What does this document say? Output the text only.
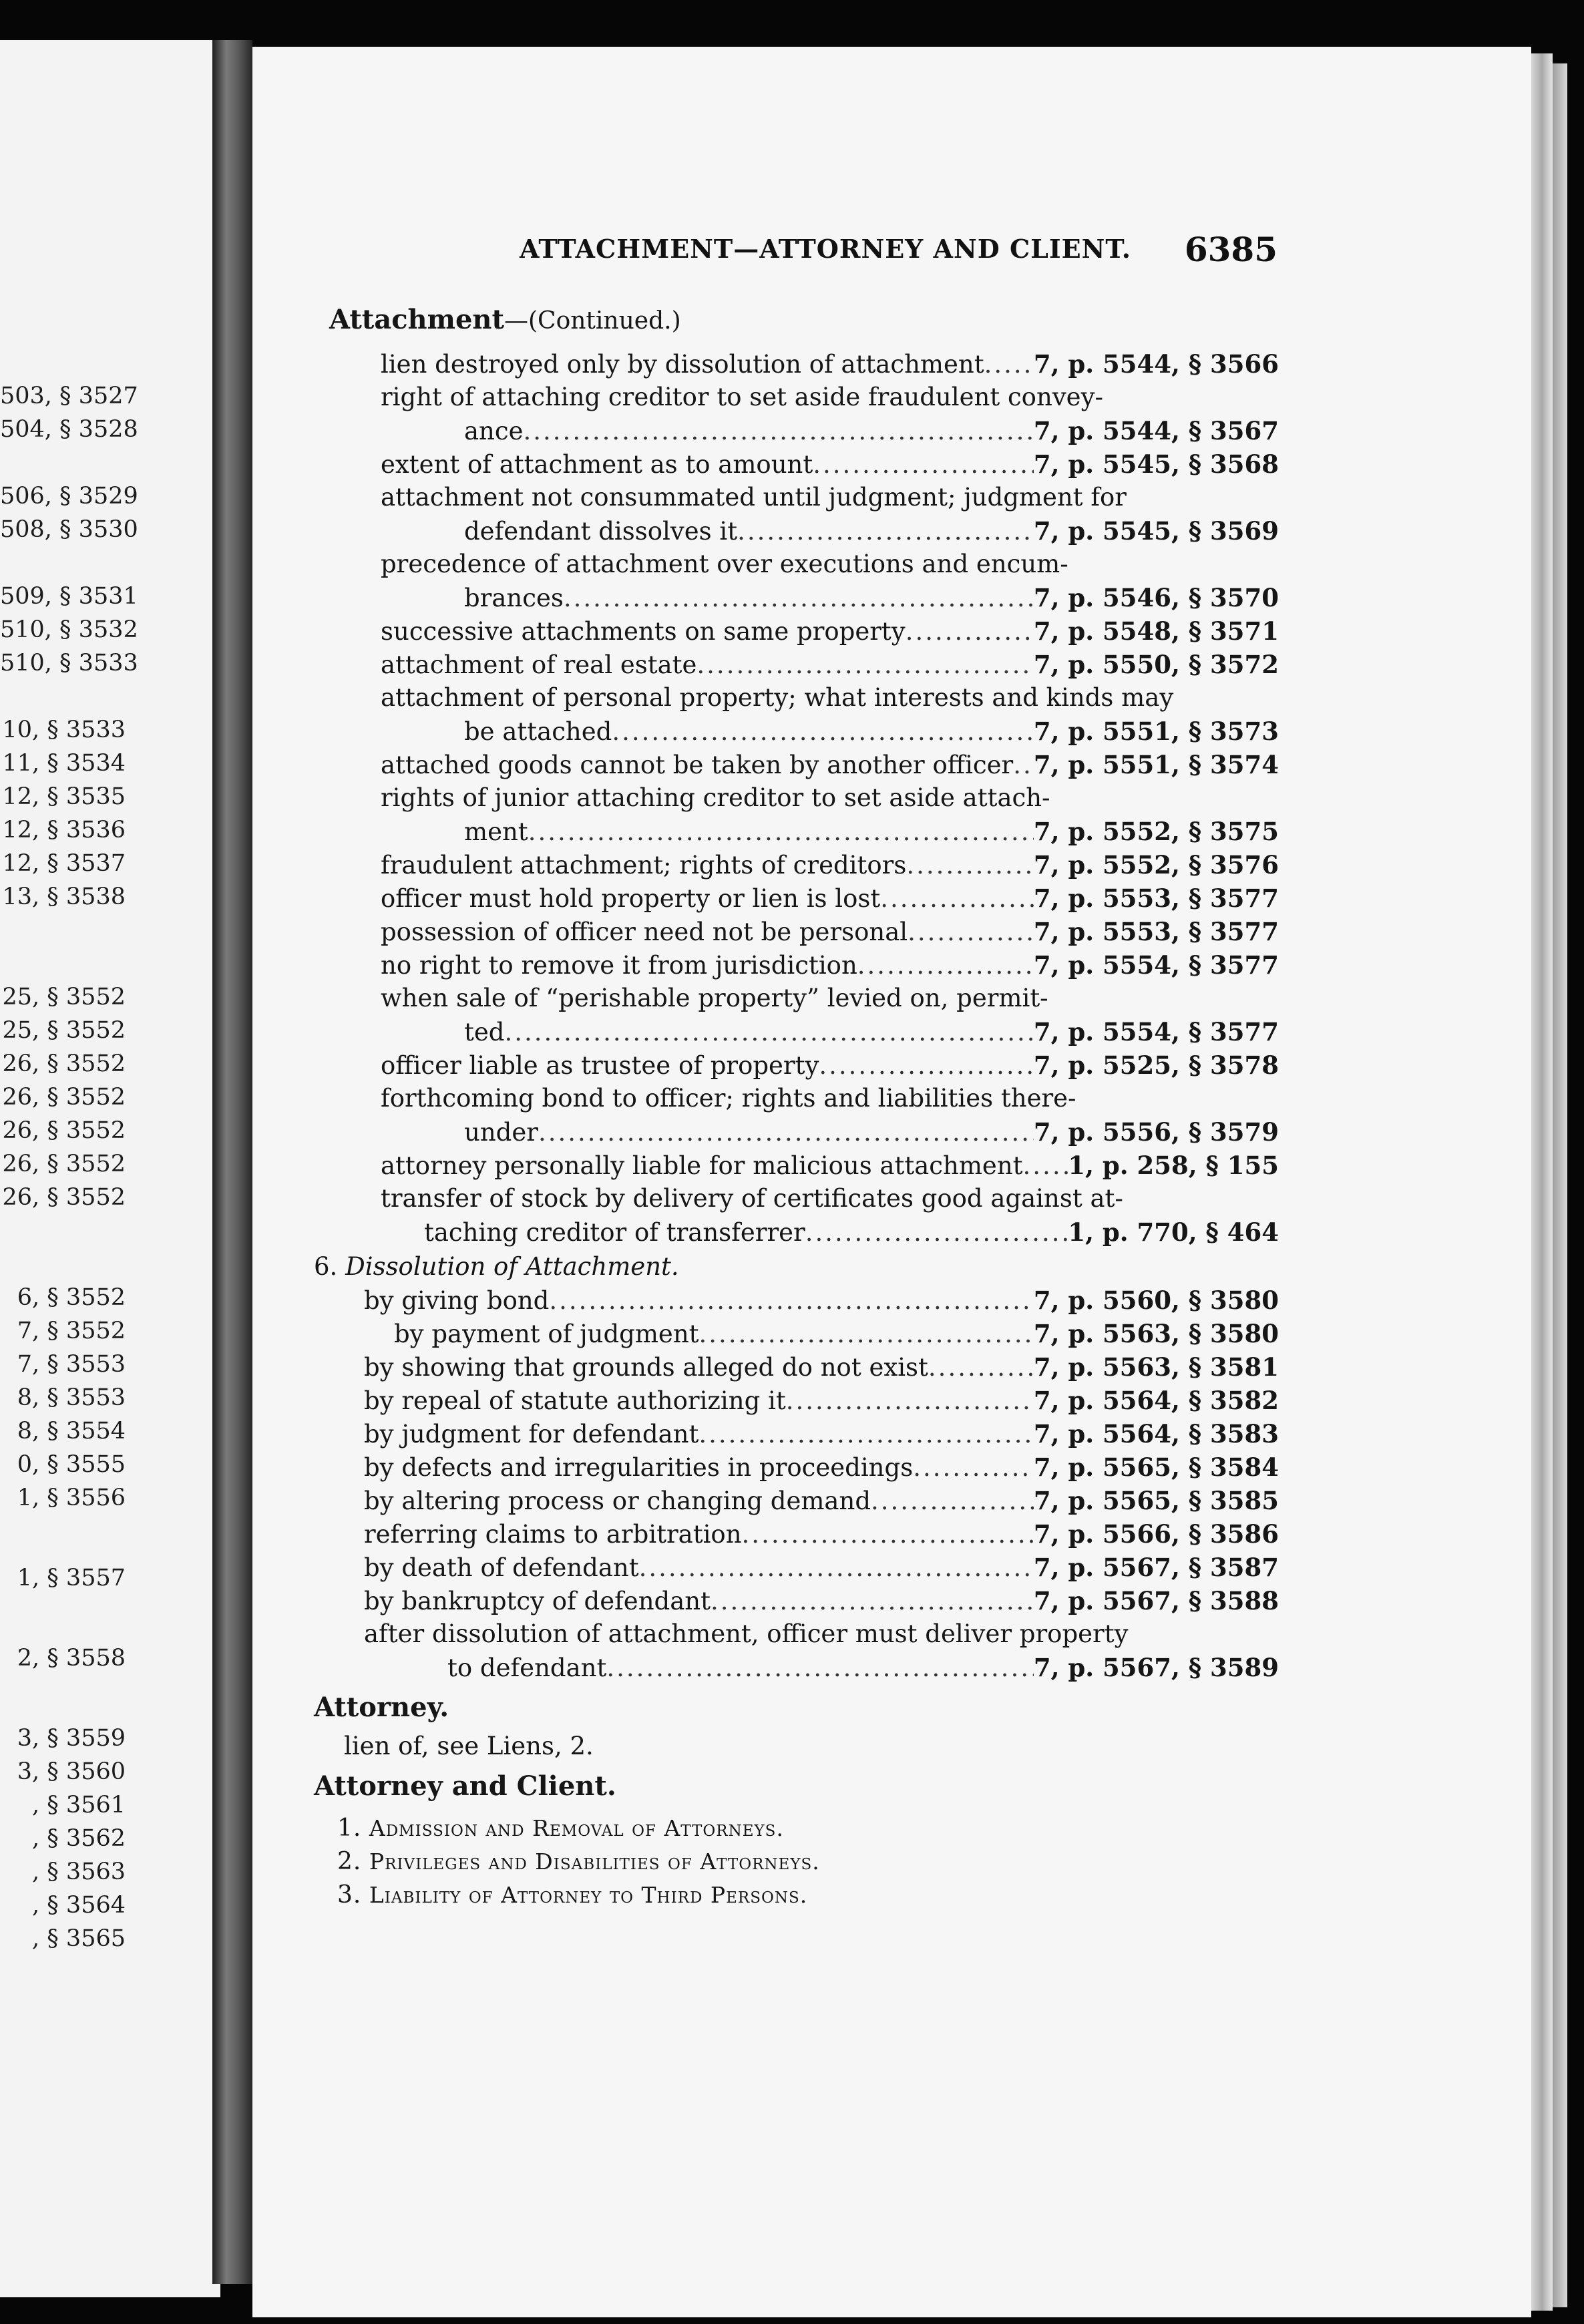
503, § 3527
504, § 3528
506, § 3529
508, § 3530
509, § 3531
510, § 3532
510, § 3533
10, § 3533
11, § 3534
12, § 3535
12, § 3536
12, § 3537
13, § 3538
25, § 3552
25, § 3552
26, § 3552
26, § 3552
26, § 3552
26, § 3552
26, § 3552
6, § 3552
7, § 3552
7, § 3553
8, § 3553
8, § 3554
0, § 3555
1, § 3556
1, § 3557
2, § 3558
3, § 3559
3, § 3560
, § 3561
, § 3562
, § 3563
, § 3564
, § 3565
ATTACHMENT—ATTORNEY AND CLIENT. 6385
Attachment—(Continued.)
lien destroyed only by dissolution of attachment ..... 7, p. 5544, § 3566
right of attaching creditor to set aside fraudulent convey-
ance .....	7, p. 5544, § 3567
extent of attachment as to amount .....	7, p. 5545, § 3568
attachment not consummated until judgment; judgment for
defendant dissolves it .....	7, p. 5545, § 3569
precedence of attachment over executions and encum-
brances .....	7, p. 5546, § 3570
successive attachments on same property .....	7, p. 5548, § 3571
attachment of real estate .....	7, p. 5550, § 3572
attachment of personal property; what interests and kinds may
be attached .....	7, p. 5551, § 3573
attached goods cannot be taken by another officer ..... 7, p. 5551, § 3574
rights of junior attaching creditor to set aside attach-
ment .....	7, p. 5552, § 3575
fraudulent attachment; rights of creditors .....	7, p. 5552, § 3576
officer must hold property or lien is lost .....	7, p. 5553, § 3577
possession of officer need not be personal .....	7, p. 5553, § 3577
no right to remove it from jurisdiction .....	7, p. 5554, § 3577
when sale of “perishable property” levied on, permit-
ted .....	7, p. 5554, § 3577
officer liable as trustee of property .....	7, p. 5525, § 3578
forthcoming bond to officer; rights and liabilities there-
under .....	7, p. 5556, § 3579
attorney personally liable for malicious attachment ..... 1, p. 258, § 155
transfer of stock by delivery of certificates good against at-
taching creditor of transferrer .....	1, p. 770, § 464
6. Dissolution of Attachment.
by giving bond .....	7, p. 5560, § 3580
by payment of judgment .....	7, p. 5563, § 3580
by showing that grounds alleged do not exist .....	7, p. 5563, § 3581
by repeal of statute authorizing it .....	7, p. 5564, § 3582
by judgment for defendant .....	7, p. 5564, § 3583
by defects and irregularities in proceedings .....	7, p. 5565, § 3584
by altering process or changing demand .....	7, p. 5565, § 3585
referring claims to arbitration .....	7, p. 5566, § 3586
by death of defendant .....	7, p. 5567, § 3587
by bankruptcy of defendant .....	7, p. 5567, § 3588
after dissolution of attachment, officer must deliver property
to defendant .....	7, p. 5567, § 3589
Attorney.
lien of, see Liens, 2.
Attorney and Client.
1. Admission and Removal of Attorneys.
2. Privileges and Disabilities of Attorneys.
3. Liability of Attorney to Third Persons.
